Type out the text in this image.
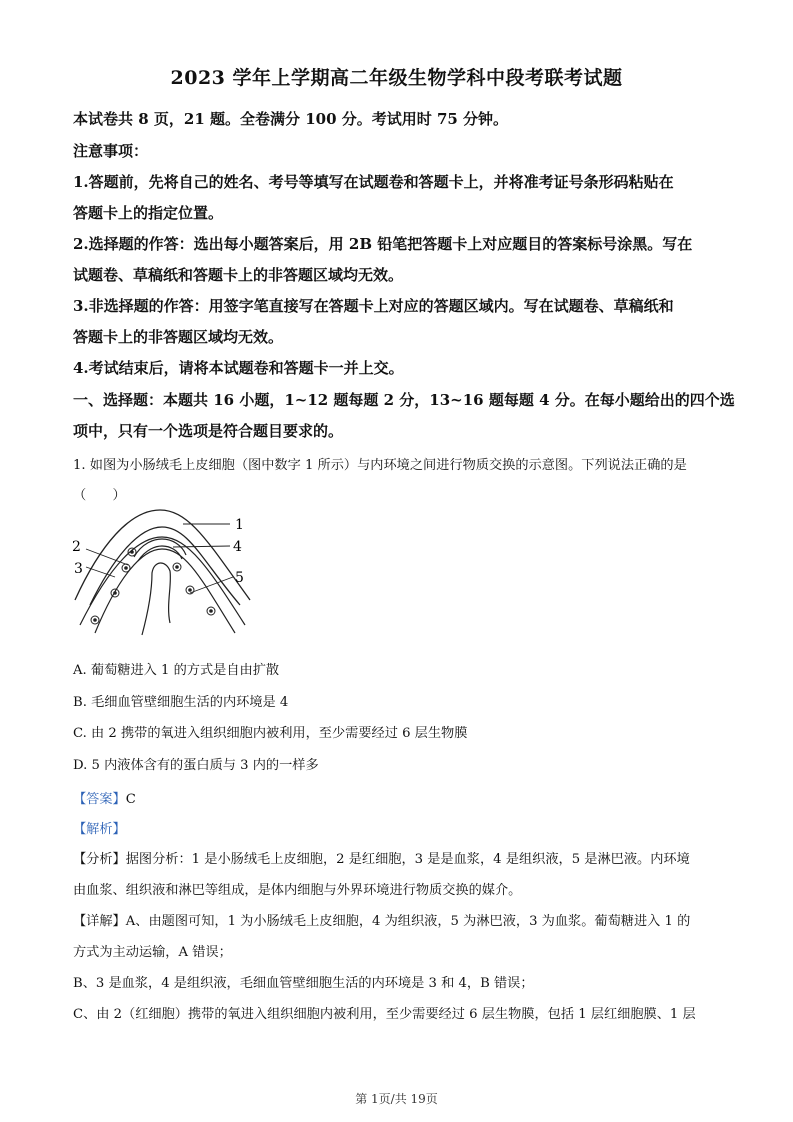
2023 学年上学期高二年级生物学科中段考联考试题
本试卷共 8 页，21 题。全卷满分 100 分。考试用时 75 分钟。
注意事项：
1.答题前，先将自己的姓名、考号等填写在试题卷和答题卡上，并将准考证号条形码粘贴在
答题卡上的指定位置。
2.选择题的作答：选出每小题答案后，用 2B 铅笔把答题卡上对应题目的答案标号涂黑。写在
试题卷、草稿纸和答题卡上的非答题区域均无效。
3.非选择题的作答：用签字笔直接写在答题卡上对应的答题区域内。写在试题卷、草稿纸和
答题卡上的非答题区域均无效。
4.考试结束后，请将本试题卷和答题卡一并上交。
一、选择题：本题共 16 小题，1~12 题每题 2 分，13~16 题每题 4 分。在每小题给出的四个选
项中，只有一个选项是符合题目要求的。
1. 如图为小肠绒毛上皮细胞（图中数字 1 所示）与内环境之间进行物质交换的示意图。下列说法正确的是
（　　）
1
2
3
4
5
A. 葡萄糖进入 1 的方式是自由扩散
B. 毛细血管壁细胞生活的内环境是 4
C. 由 2 携带的氧进入组织细胞内被利用，至少需要经过 6 层生物膜
D. 5 内液体含有的蛋白质与 3 内的一样多
【答案】C
【解析】
【分析】据图分析：1 是小肠绒毛上皮细胞，2 是红细胞，3 是是血浆，4 是组织液，5 是淋巴液。内环境
由血浆、组织液和淋巴等组成，是体内细胞与外界环境进行物质交换的媒介。
【详解】A、由题图可知，1 为小肠绒毛上皮细胞，4 为组织液，5 为淋巴液，3 为血浆。葡萄糖进入 1 的
方式为主动运输，A 错误；
B、3 是血浆，4 是组织液，毛细血管壁细胞生活的内环境是 3 和 4，B 错误；
C、由 2（红细胞）携带的氧进入组织细胞内被利用，至少需要经过 6 层生物膜，包括 1 层红细胞膜、1 层
第 1页/共 19页
